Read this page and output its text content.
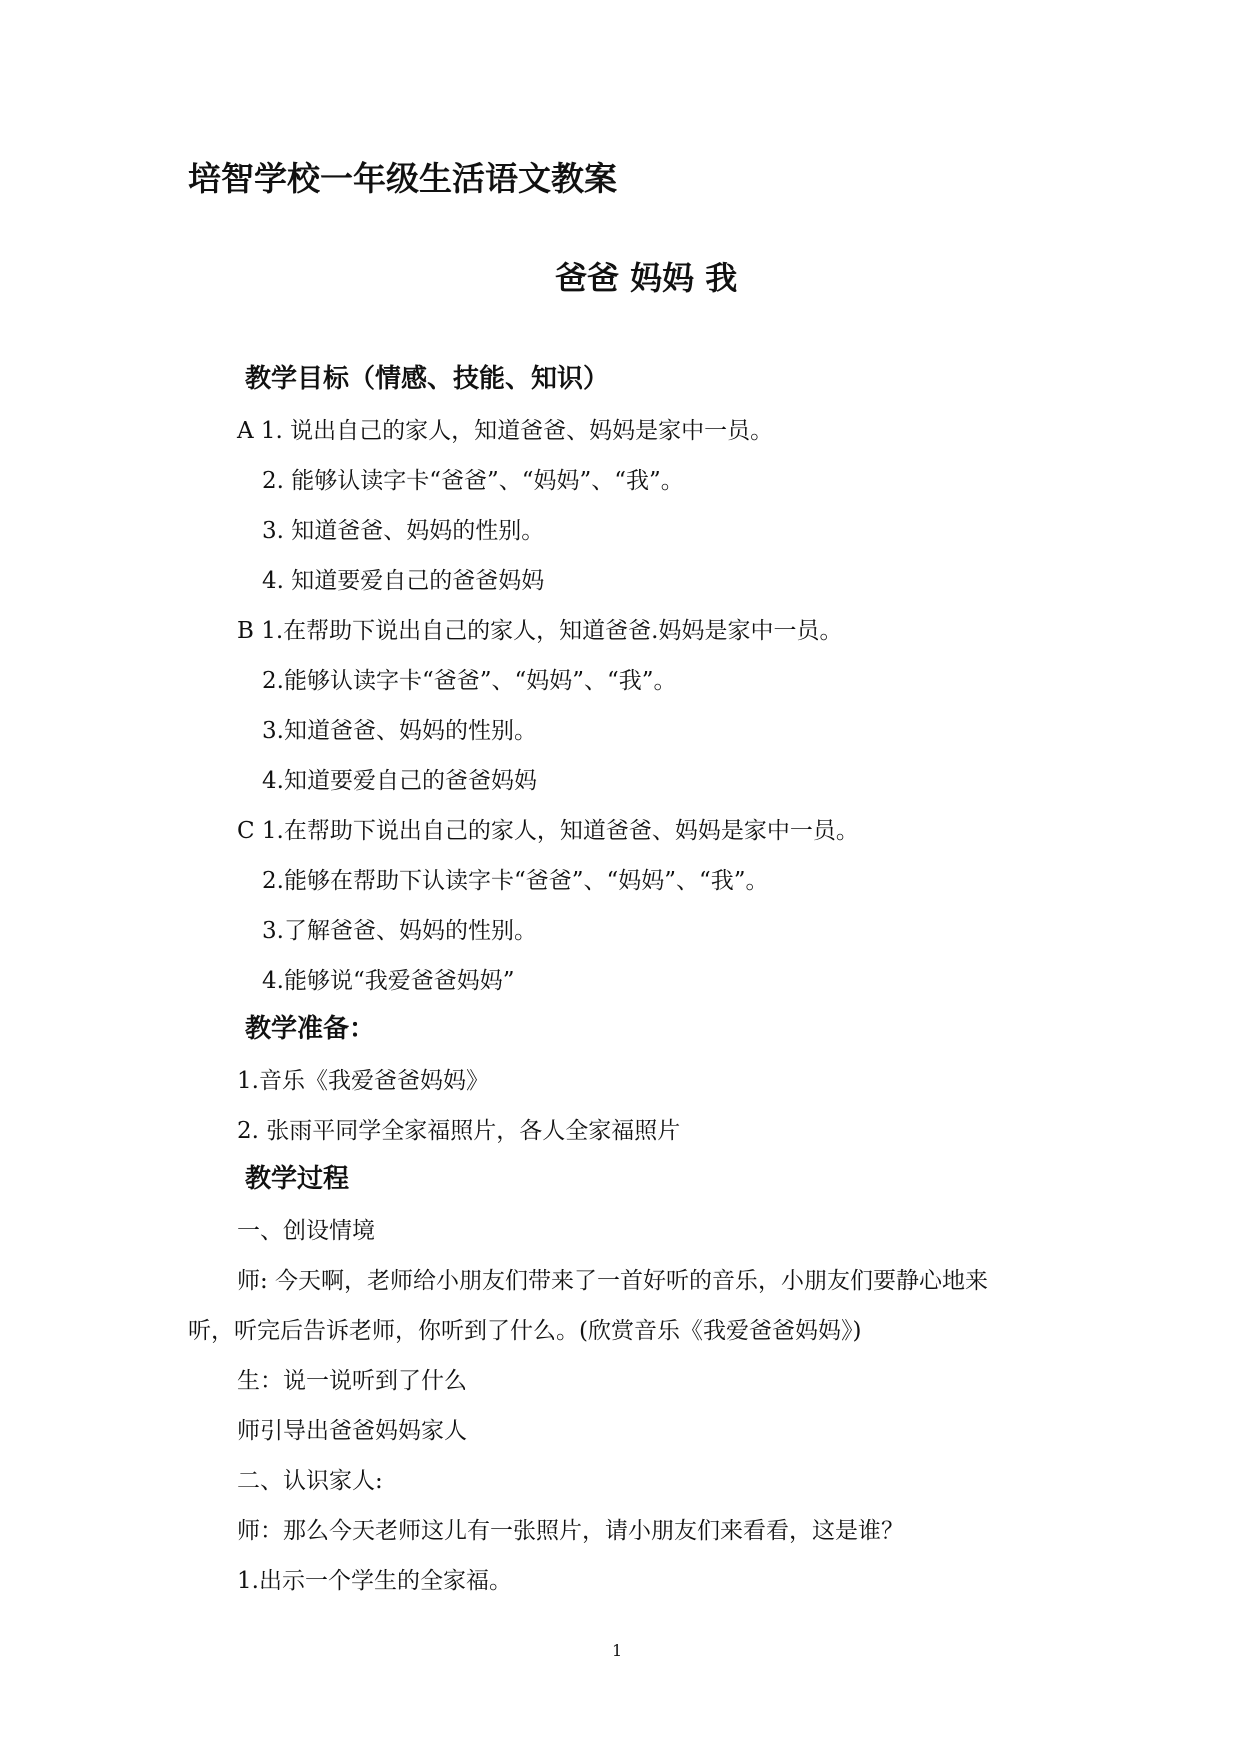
培智学校一年级生活语文教案
爸爸 妈妈 我
教学目标（情感、技能、知识）
A 1. 说出自己的家人，知道爸爸、妈妈是家中一员。
2. 能够认读字卡“爸爸”、“妈妈”、“我”。
3. 知道爸爸、妈妈的性别。
4. 知道要爱自己的爸爸妈妈
B 1.在帮助下说出自己的家人，知道爸爸.妈妈是家中一员。
2.能够认读字卡“爸爸”、“妈妈”、“我”。
3.知道爸爸、妈妈的性别。
4.知道要爱自己的爸爸妈妈
C 1.在帮助下说出自己的家人，知道爸爸、妈妈是家中一员。
2.能够在帮助下认读字卡“爸爸”、“妈妈”、“我”。
3.了解爸爸、妈妈的性别。
4.能够说“我爱爸爸妈妈”
教学准备：
1.音乐《我爱爸爸妈妈》
2. 张雨平同学全家福照片，各人全家福照片
教学过程
一、创设情境
师: 今天啊，老师给小朋友们带来了一首好听的音乐，小朋友们要静心地来
听，听完后告诉老师，你听到了什么。(欣赏音乐《我爱爸爸妈妈》)
生：说一说听到了什么
师引导出爸爸妈妈家人
二、认识家人:
师：那么今天老师这儿有一张照片，请小朋友们来看看，这是谁？
1.出示一个学生的全家福。
1
